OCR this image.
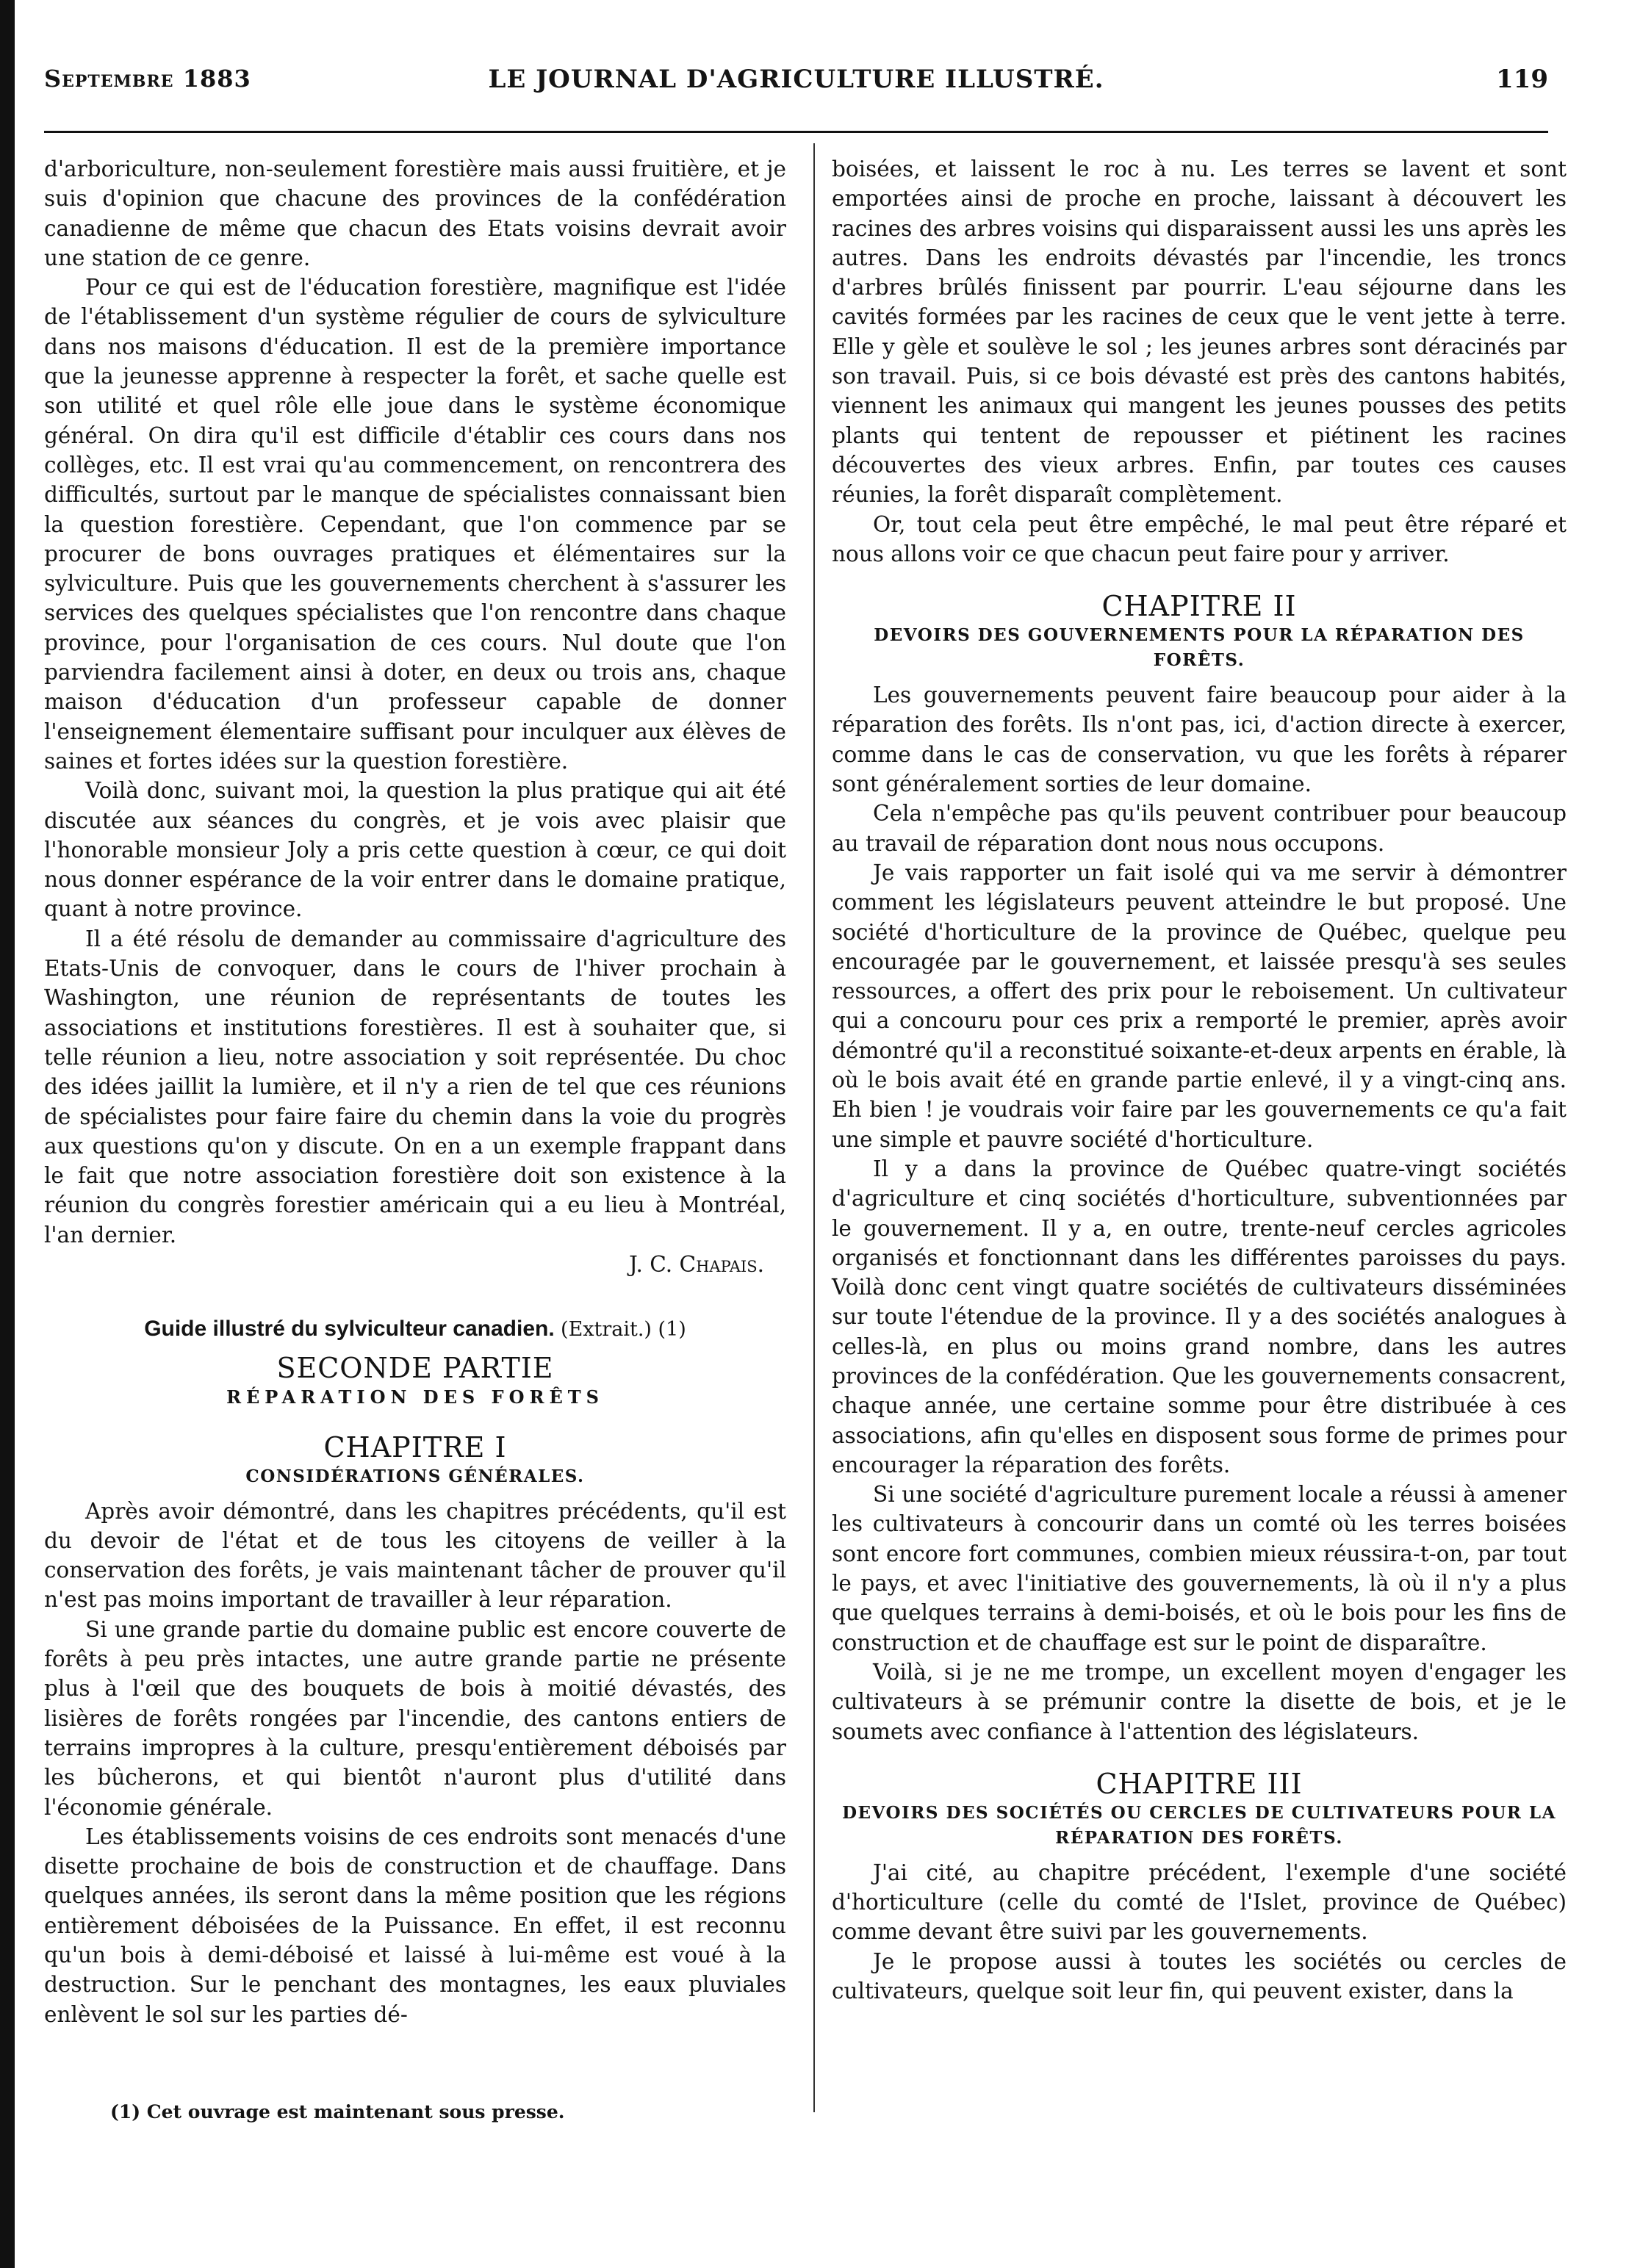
Septembre 1883	LE JOURNAL D'AGRICULTURE ILLUSTRÉ.	119

d'arboriculture, non-seulement forestière mais aussi fruitière, et je suis d'opinion que chacune des provinces de la confédération canadienne de même que chacun des Etats voisins devrait avoir une station de ce genre.

Pour ce qui est de l'éducation forestière, magnifique est l'idée de l'établissement d'un système régulier de cours de sylviculture dans nos maisons d'éducation. Il est de la première importance que la jeunesse apprenne à respecter la forêt, et sache quelle est son utilité et quel rôle elle joue dans le système économique général. On dira qu'il est difficile d'établir ces cours dans nos collèges, etc. Il est vrai qu'au commencement, on rencontrera des difficultés, surtout par le manque de spécialistes connaissant bien la question forestière. Cependant, que l'on commence par se procurer de bons ouvrages pratiques et élémentaires sur la sylviculture. Puis que les gouvernements cherchent à s'assurer les services des quelques spécialistes que l'on rencontre dans chaque province, pour l'organisation de ces cours. Nul doute que l'on parviendra facilement ainsi à doter, en deux ou trois ans, chaque maison d'éducation d'un professeur capable de donner l'enseignement élementaire suffisant pour inculquer aux élèves de saines et fortes idées sur la question forestière.

Voilà donc, suivant moi, la question la plus pratique qui ait été discutée aux séances du congrès, et je vois avec plaisir que l'honorable monsieur Joly a pris cette question à cœur, ce qui doit nous donner espérance de la voir entrer dans le domaine pratique, quant à notre province.

Il a été résolu de demander au commissaire d'agriculture des Etats-Unis de convoquer, dans le cours de l'hiver prochain à Washington, une réunion de représentants de toutes les associations et institutions forestières. Il est à souhaiter que, si telle réunion a lieu, notre association y soit représentée. Du choc des idées jaillit la lumière, et il n'y a rien de tel que ces réunions de spécialistes pour faire faire du chemin dans la voie du progrès aux questions qu'on y discute. On en a un exemple frappant dans le fait que notre association forestière doit son existence à la réunion du congrès forestier américain qui a eu lieu à Montréal, l'an dernier.

J. C. Chapais.
Guide illustré du sylviculteur canadien. (Extrait.) (1)
SECONDE PARTIE
RÉPARATION DES FORÊTS
CHAPITRE I
CONSIDÉRATIONS GÉNÉRALES.

Après avoir démontré, dans les chapitres précédents, qu'il est du devoir de l'état et de tous les citoyens de veiller à la conservation des forêts, je vais maintenant tâcher de prouver qu'il n'est pas moins important de travailler à leur réparation.

Si une grande partie du domaine public est encore couverte de forêts à peu près intactes, une autre grande partie ne présente plus à l'œil que des bouquets de bois à moitié dévastés, des lisières de forêts rongées par l'incendie, des cantons entiers de terrains impropres à la culture, presqu'entièrement déboisés par les bûcherons, et qui bientôt n'auront plus d'utilité dans l'économie générale.

Les établissements voisins de ces endroits sont menacés d'une disette prochaine de bois de construction et de chauffage. Dans quelques années, ils seront dans la même position que les régions entièrement déboisées de la Puissance. En effet, il est reconnu qu'un bois à demi-déboisé et laissé à lui-même est voué à la destruction. Sur le penchant des montagnes, les eaux pluviales enlèvent le sol sur les parties dé-

boisées, et laissent le roc à nu. Les terres se lavent et sont emportées ainsi de proche en proche, laissant à découvert les racines des arbres voisins qui disparaissent aussi les uns après les autres. Dans les endroits dévastés par l'incendie, les troncs d'arbres brûlés finissent par pourrir. L'eau séjourne dans les cavités formées par les racines de ceux que le vent jette à terre. Elle y gèle et soulève le sol ; les jeunes arbres sont déracinés par son travail. Puis, si ce bois dévasté est près des cantons habités, viennent les animaux qui mangent les jeunes pousses des petits plants qui tentent de repousser et piétinent les racines découvertes des vieux arbres. Enfin, par toutes ces causes réunies, la forêt disparaît complètement.

Or, tout cela peut être empêché, le mal peut être réparé et nous allons voir ce que chacun peut faire pour y arriver.

CHAPITRE II
DEVOIRS DES GOUVERNEMENTS POUR LA RÉPARATION DES FORÊTS.

Les gouvernements peuvent faire beaucoup pour aider à la réparation des forêts. Ils n'ont pas, ici, d'action directe à exercer, comme dans le cas de conservation, vu que les forêts à réparer sont généralement sorties de leur domaine.

Cela n'empêche pas qu'ils peuvent contribuer pour beaucoup au travail de réparation dont nous nous occupons.

Je vais rapporter un fait isolé qui va me servir à démontrer comment les législateurs peuvent atteindre le but proposé. Une société d'horticulture de la province de Québec, quelque peu encouragée par le gouvernement, et laissée presqu'à ses seules ressources, a offert des prix pour le reboisement. Un cultivateur qui a concouru pour ces prix a remporté le premier, après avoir démontré qu'il a reconstitué soixante-et-deux arpents en érable, là où le bois avait été en grande partie enlevé, il y a vingt-cinq ans. Eh bien ! je voudrais voir faire par les gouvernements ce qu'a fait une simple et pauvre société d'horticulture.

Il y a dans la province de Québec quatre-vingt sociétés d'agriculture et cinq sociétés d'horticulture, subventionnées par le gouvernement. Il y a, en outre, trente-neuf cercles agricoles organisés et fonctionnant dans les différentes paroisses du pays. Voilà donc cent vingt quatre sociétés de cultivateurs disséminées sur toute l'étendue de la province. Il y a des sociétés analogues à celles-là, en plus ou moins grand nombre, dans les autres provinces de la confédération. Que les gouvernements consacrent, chaque année, une certaine somme pour être distribuée à ces associations, afin qu'elles en disposent sous forme de primes pour encourager la réparation des forêts.

Si une société d'agriculture purement locale a réussi à amener les cultivateurs à concourir dans un comté où les terres boisées sont encore fort communes, combien mieux réussira-t-on, par tout le pays, et avec l'initiative des gouvernements, là où il n'y a plus que quelques terrains à demi-boisés, et où le bois pour les fins de construction et de chauffage est sur le point de disparaître.

Voilà, si je ne me trompe, un excellent moyen d'engager les cultivateurs à se prémunir contre la disette de bois, et je le soumets avec confiance à l'attention des législateurs.

CHAPITRE III
DEVOIRS DES SOCIÉTÉS OU CERCLES DE CULTIVATEURS POUR LA RÉPARATION DES FORÊTS.

J'ai cité, au chapitre précédent, l'exemple d'une société d'horticulture (celle du comté de l'Islet, province de Québec) comme devant être suivi par les gouvernements.

Je le propose aussi à toutes les sociétés ou cercles de cultivateurs, quelque soit leur fin, qui peuvent exister, dans la

(1) Cet ouvrage est maintenant sous presse.
